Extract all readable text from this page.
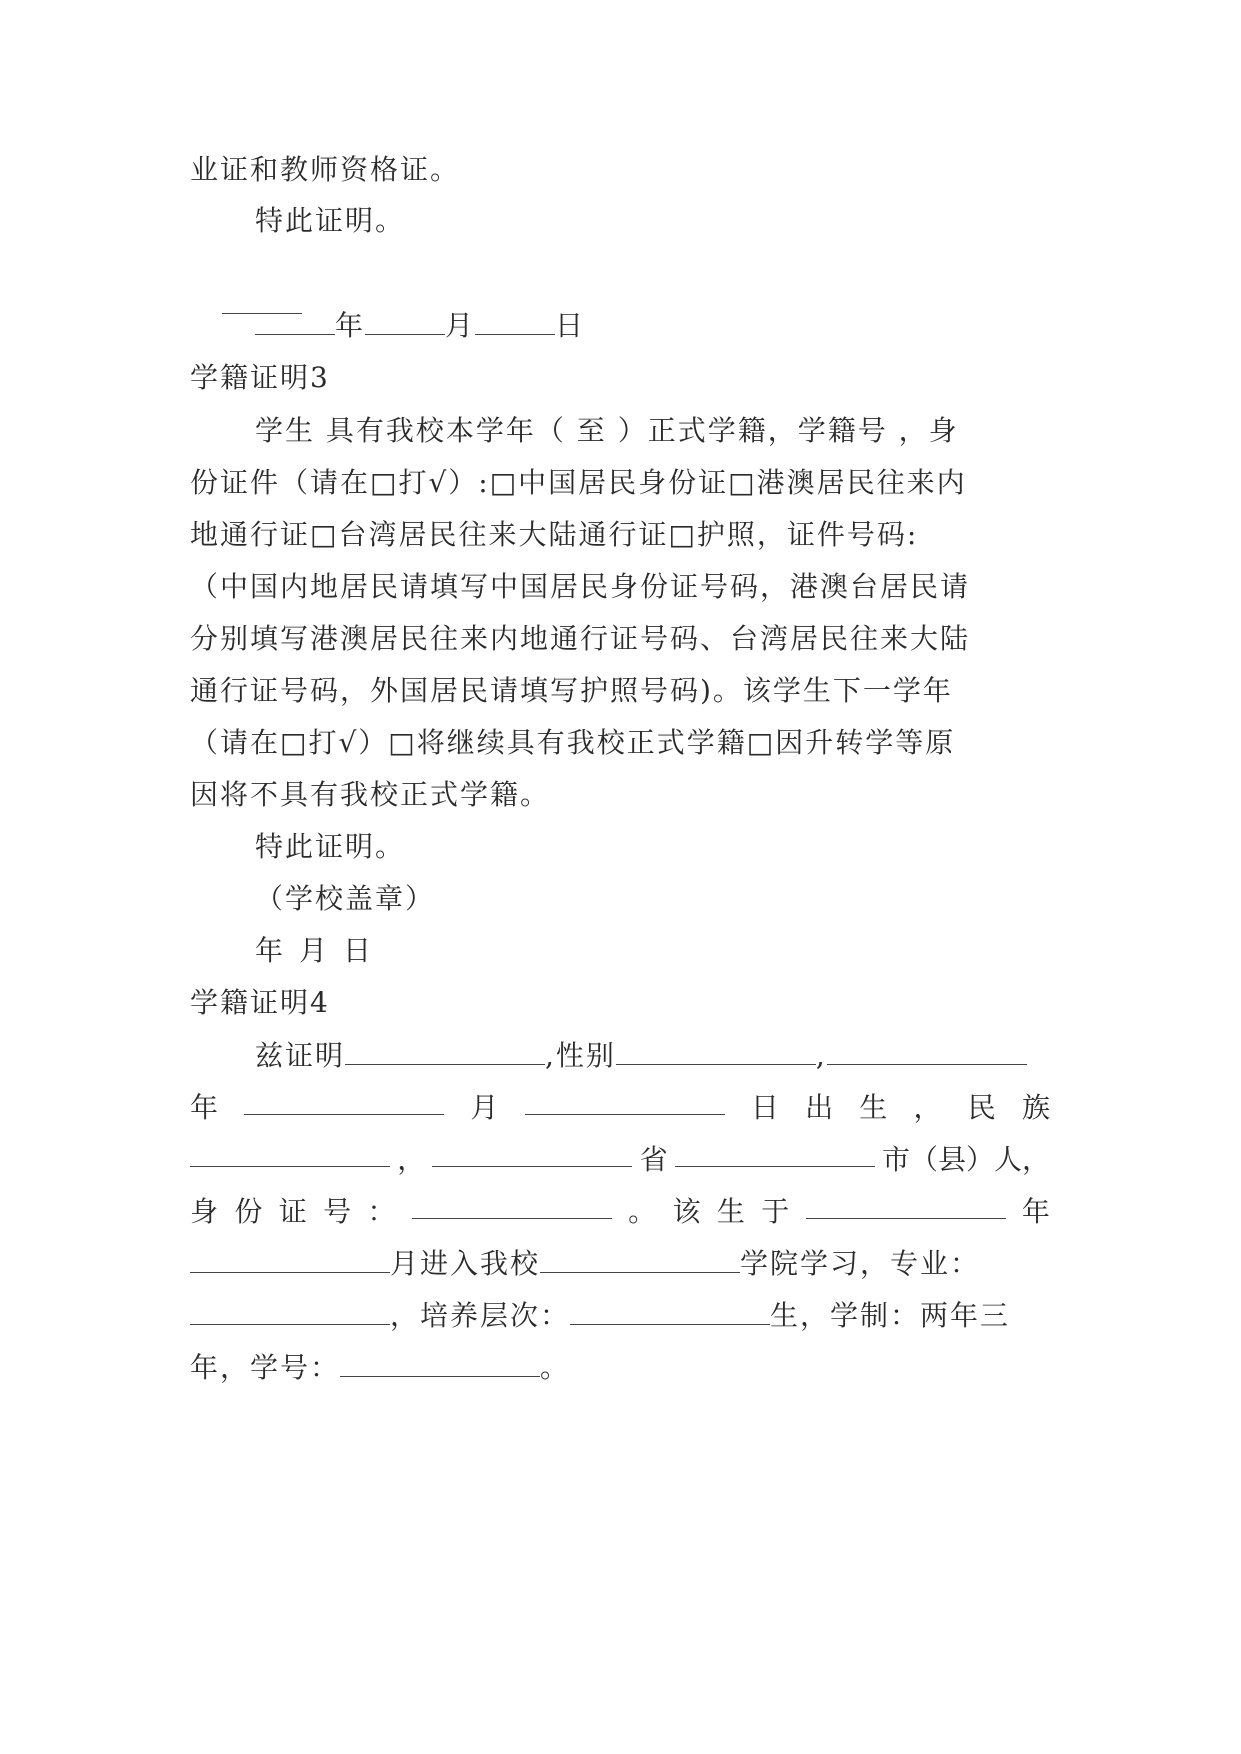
业证和教师资格证。
特此证明。
年	月	日
学籍证明3
学生 具有我校本学年（ 至 ）正式学籍，学籍号 ，身
份证件（请在□打√）:□中国居民身份证□港澳居民往来内
地通行证□台湾居民往来大陆通行证□护照，证件号码:
（中国内地居民请填写中国居民身份证号码，港澳台居民请
分别填写港澳居民往来内地通行证号码、台湾居民往来大陆
通行证号码，外国居民请填写护照号码)。该学生下一学年
（请在□打√）□将继续具有我校正式学籍□因升转学等原
因将不具有我校正式学籍。
特此证明。
（学校盖章）
年 月 日
学籍证明4
兹证明	,性别	,
年	月	日 出 生 ， 民 族
，	省	市（县）人，
身 份 证 号 ：	。 该 生 于	年
月进入我校	学院学习，专业：
，培养层次：	生，学制：两年三
年，学号：	。
